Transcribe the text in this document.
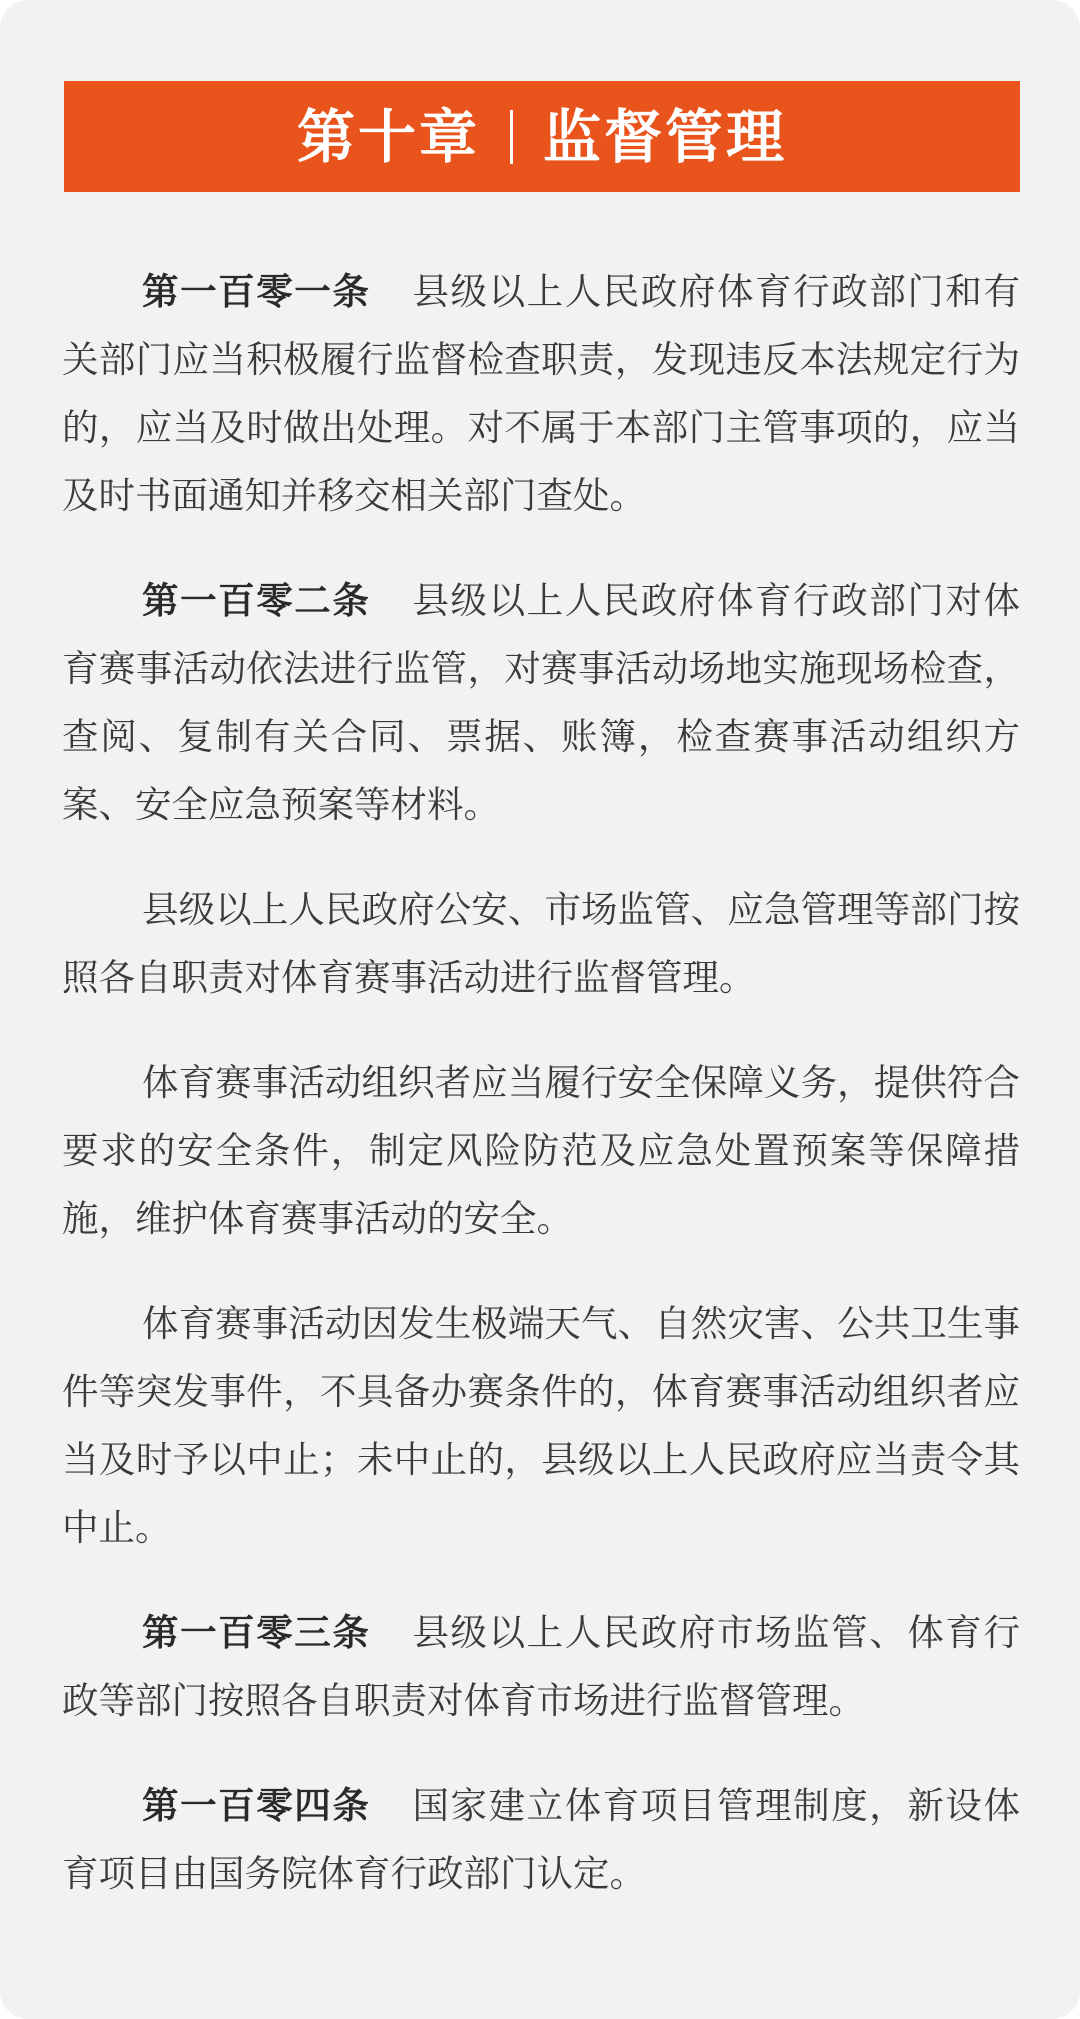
第十章 监督管理

第一百零一条 县级以上人民政府体育行政部门和有关部门应当积极履行监督检查职责，发现违反本法规定行为的，应当及时做出处理。对不属于本部门主管事项的，应当及时书面通知并移交相关部门查处。

第一百零二条 县级以上人民政府体育行政部门对体育赛事活动依法进行监管，对赛事活动场地实施现场检查，查阅、复制有关合同、票据、账簿，检查赛事活动组织方案、安全应急预案等材料。

县级以上人民政府公安、市场监管、应急管理等部门按照各自职责对体育赛事活动进行监督管理。

体育赛事活动组织者应当履行安全保障义务，提供符合要求的安全条件，制定风险防范及应急处置预案等保障措施，维护体育赛事活动的安全。

体育赛事活动因发生极端天气、自然灾害、公共卫生事件等突发事件，不具备办赛条件的，体育赛事活动组织者应当及时予以中止；未中止的，县级以上人民政府应当责令其中止。

第一百零三条 县级以上人民政府市场监管、体育行政等部门按照各自职责对体育市场进行监督管理。

第一百零四条 国家建立体育项目管理制度，新设体育项目由国务院体育行政部门认定。
